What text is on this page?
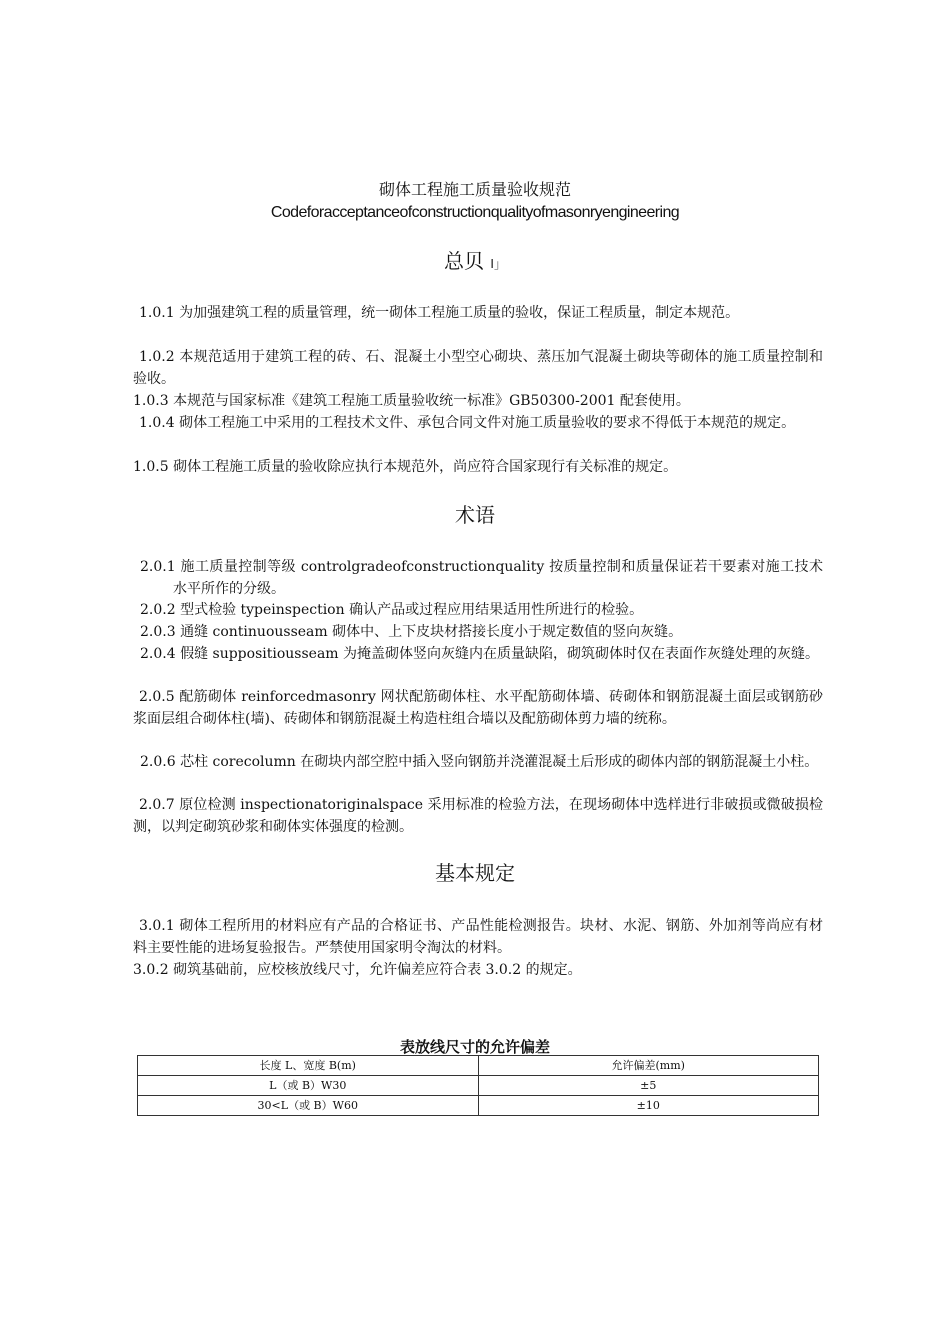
砌体工程施工质量验收规范
Codeforacceptanceofconstructionqualityofmasonryengineering
总贝 I」
1.0.1 为加强建筑工程的质量管理，统一砌体工程施工质量的验收，保证工程质量，制定本规范。
1.0.2 本规范适用于建筑工程的砖、石、混凝土小型空心砌块、蒸压加气混凝土砌块等砌体的施工质量控制和验收。
1.0.3 本规范与国家标准《建筑工程施工质量验收统一标准》GB50300-2001 配套使用。
1.0.4 砌体工程施工中采用的工程技术文件、承包合同文件对施工质量验收的要求不得低于本规范的规定。
1.0.5 砌体工程施工质量的验收除应执行本规范外，尚应符合国家现行有关标准的规定。
术语
2.0.1 施工质量控制等级 controlgradeofconstructionquality 按质量控制和质量保证若干要素对施工技术水平所作的分级。
2.0.2 型式检验 typeinspection 确认产品或过程应用结果适用性所进行的检验。
2.0.3 通缝 continuousseam 砌体中、上下皮块材搭接长度小于规定数值的竖向灰缝。
2.0.4 假缝 suppositiousseam 为掩盖砌体竖向灰缝内在质量缺陷，砌筑砌体时仅在表面作灰缝处理的灰缝。
2.0.5 配筋砌体 reinforcedmasonry 网状配筋砌体柱、水平配筋砌体墙、砖砌体和钢筋混凝土面层或钢筋砂浆面层组合砌体柱(墙)、砖砌体和钢筋混凝土构造柱组合墙以及配筋砌体剪力墙的统称。
2.0.6 芯柱 corecolumn 在砌块内部空腔中插入竖向钢筋并浇灌混凝土后形成的砌体内部的钢筋混凝土小柱。
2.0.7 原位检测 inspectionatoriginalspace 采用标准的检验方法，在现场砌体中选样进行非破损或微破损检测，以判定砌筑砂浆和砌体实体强度的检测。
基本规定
3.0.1 砌体工程所用的材料应有产品的合格证书、产品性能检测报告。块材、水泥、钢筋、外加剂等尚应有材料主要性能的进场复验报告。严禁使用国家明令淘汰的材料。
3.0.2 砌筑基础前，应校核放线尺寸，允许偏差应符合表 3.0.2 的规定。
表放线尺寸的允许偏差
长度 L、宽度 B(m)	允许偏差(mm)
L（或 B）W30	±5
30<L（或 B）W60	±10
